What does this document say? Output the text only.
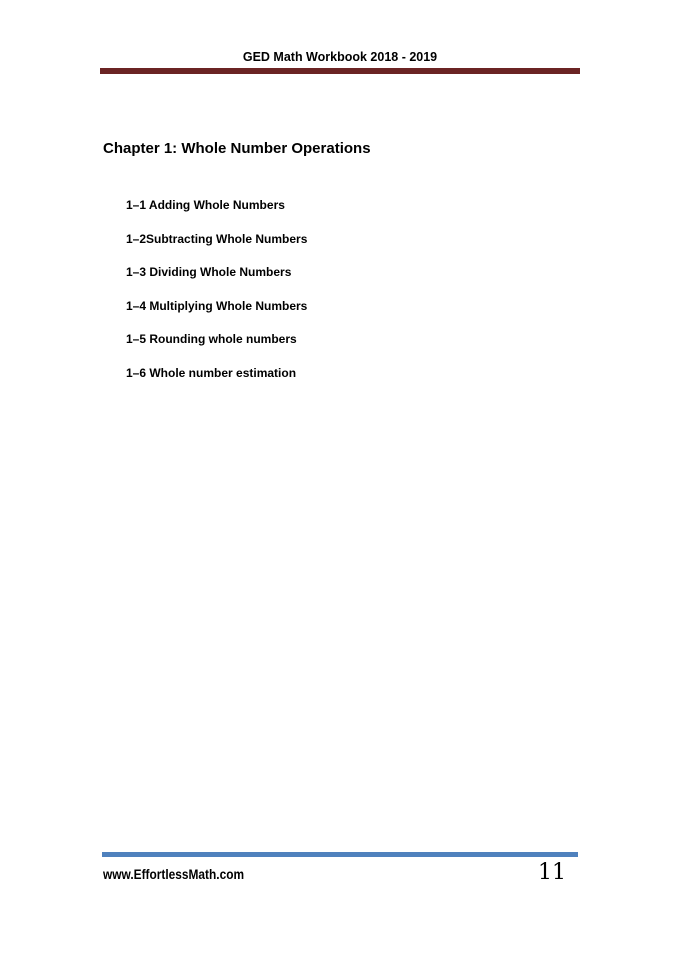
GED Math Workbook 2018 - 2019
Chapter 1: Whole Number Operations
1–1 Adding Whole Numbers
1–2Subtracting Whole Numbers
1–3 Dividing Whole Numbers
1–4 Multiplying Whole Numbers
1–5 Rounding whole numbers
1–6 Whole number estimation
www.EffortlessMath.com	11
